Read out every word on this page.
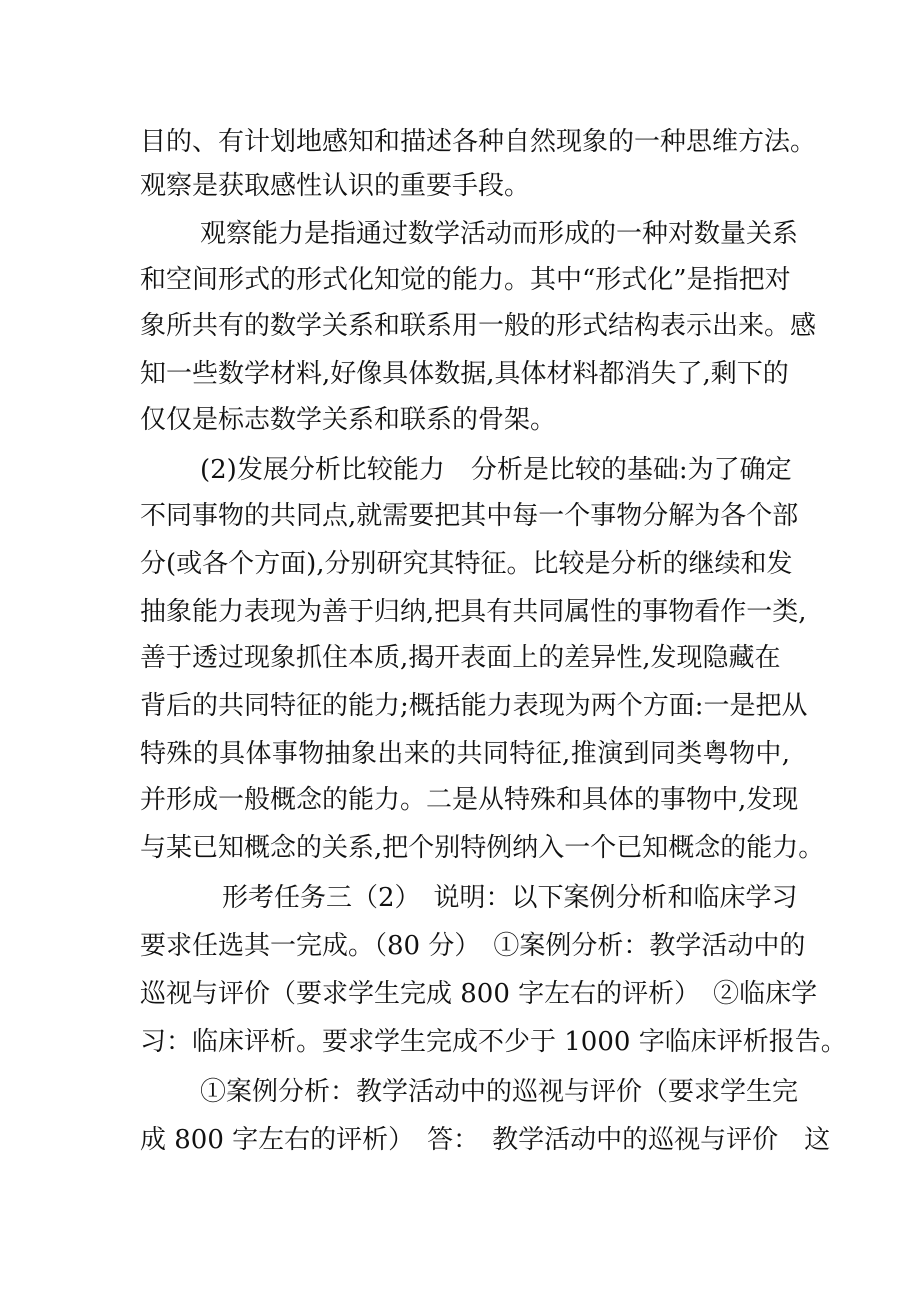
目的、有计划地感知和描述各种自然现象的一种思维方法。
观察是获取感性认识的重要手段。
观察能力是指通过数学活动而形成的一种对数量关系
和空间形式的形式化知觉的能力。其中“形式化”是指把对
象所共有的数学关系和联系用一般的形式结构表示出来。感
知一些数学材料,好像具体数据,具体材料都消失了,剩下的
仅仅是标志数学关系和联系的骨架。
(2)发展分析比较能力　分析是比较的基础:为了确定
不同事物的共同点,就需要把其中每一个事物分解为各个部
分(或各个方面),分别研究其特征。比较是分析的继续和发
抽象能力表现为善于归纳,把具有共同属性的事物看作一类,
善于透过现象抓住本质,揭开表面上的差异性,发现隐藏在
背后的共同特征的能力;概括能力表现为两个方面:一是把从
特殊的具体事物抽象出来的共同特征,推演到同类粤物中,
并形成一般概念的能力。二是从特殊和具体的事物中,发现
与某已知概念的关系,把个别特例纳入一个已知概念的能力。
形考任务三（2）　说明：以下案例分析和临床学习
要求任选其一完成。（80 分）　①案例分析：教学活动中的
巡视与评价（要求学生完成 800 字左右的评析）　②临床学
习：临床评析。要求学生完成不少于 1000 字临床评析报告。
①案例分析：教学活动中的巡视与评价（要求学生完
成 800 字左右的评析）　答：　教学活动中的巡视与评价　这
